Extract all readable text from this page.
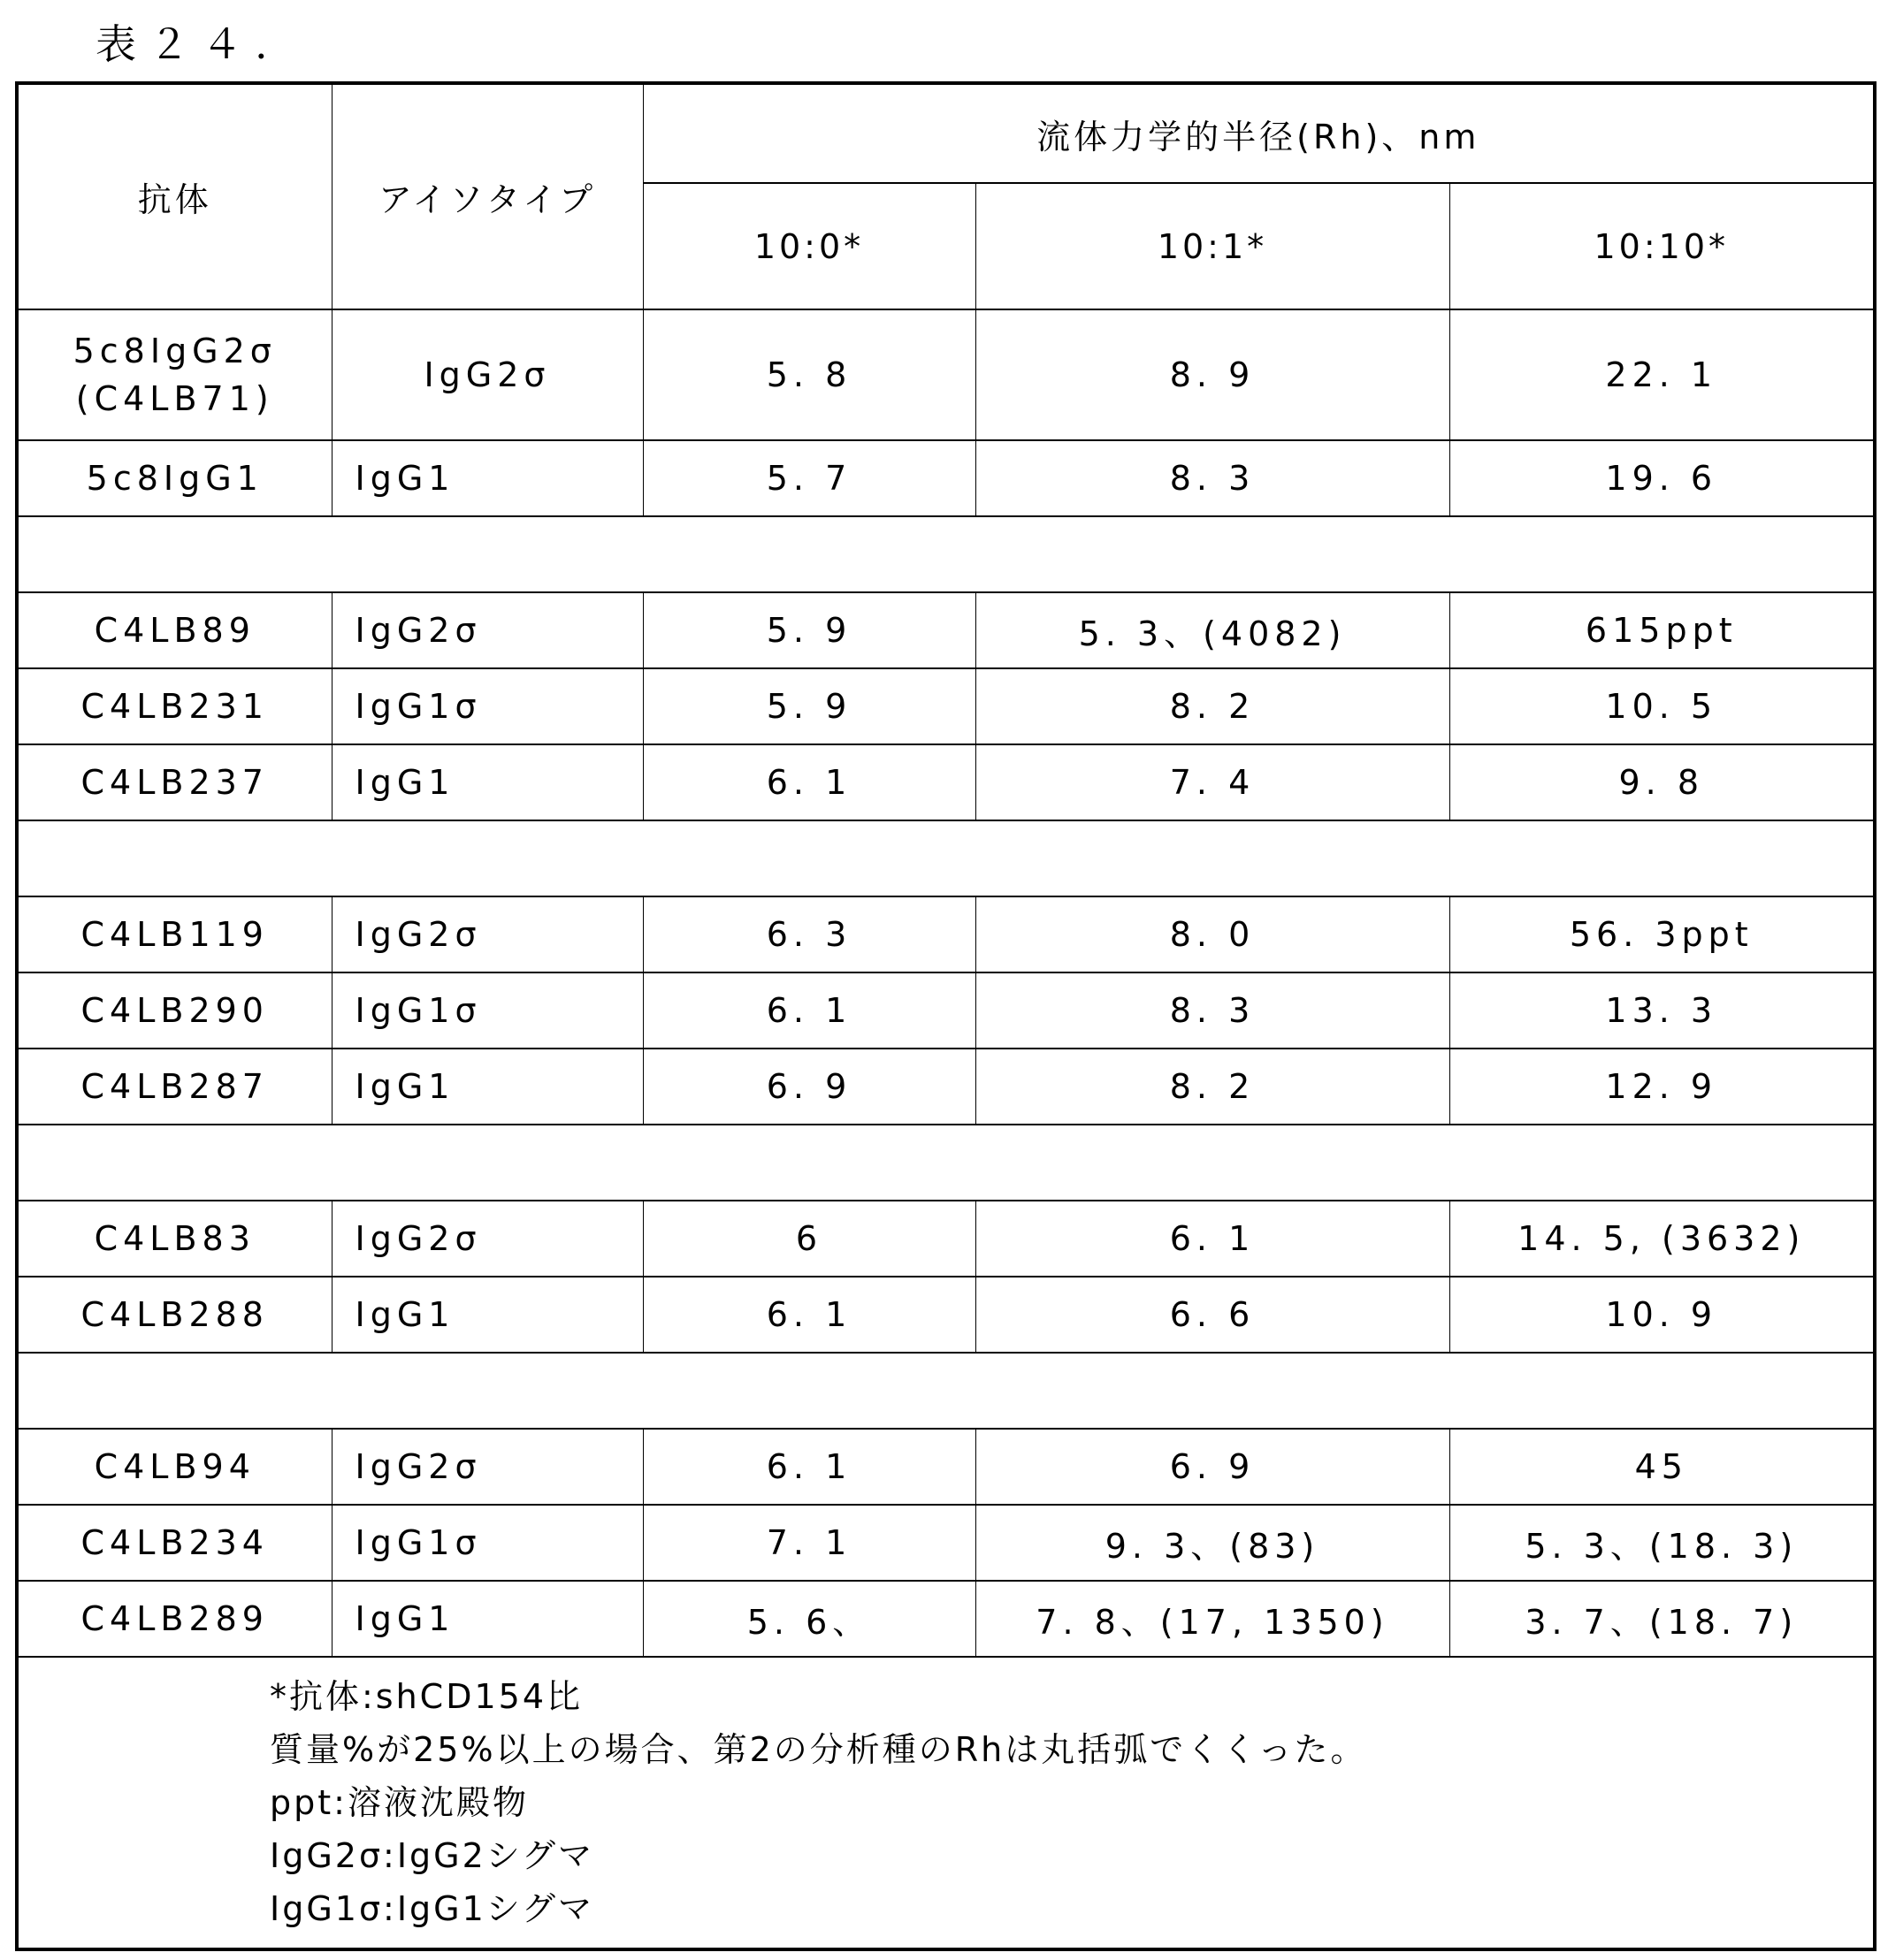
表２４.
抗体	アイソタイプ	流体力学的半径(Rh)、nm
10:0*	10:1*	10:10*
5c8IgG2σ
(C4LB71)	IgG2σ	5. 8	8. 9	22. 1
5c8IgG1	IgG1	5. 7	8. 3	19. 6

C4LB89	IgG2σ	5. 9	5. 3、(4082)	615ppt
C4LB231	IgG1σ	5. 9	8. 2	10. 5
C4LB237	IgG1	6. 1	7. 4	9. 8

C4LB119	IgG2σ	6. 3	8. 0	56. 3ppt
C4LB290	IgG1σ	6. 1	8. 3	13. 3
C4LB287	IgG1	6. 9	8. 2	12. 9

C4LB83	IgG2σ	6	6. 1	14. 5, (3632)
C4LB288	IgG1	6. 1	6. 6	10. 9

C4LB94	IgG2σ	6. 1	6. 9	45
C4LB234	IgG1σ	7. 1	9. 3、(83)	5. 3、(18. 3)
C4LB289	IgG1	5. 6、	7. 8、(17, 1350)	3. 7、(18. 7)

*抗体:shCD154比
質量%が25%以上の場合、第2の分析種のRhは丸括弧でくくった。
ppt:溶液沈殿物
IgG2σ:IgG2シグマ
IgG1σ:IgG1シグマ
